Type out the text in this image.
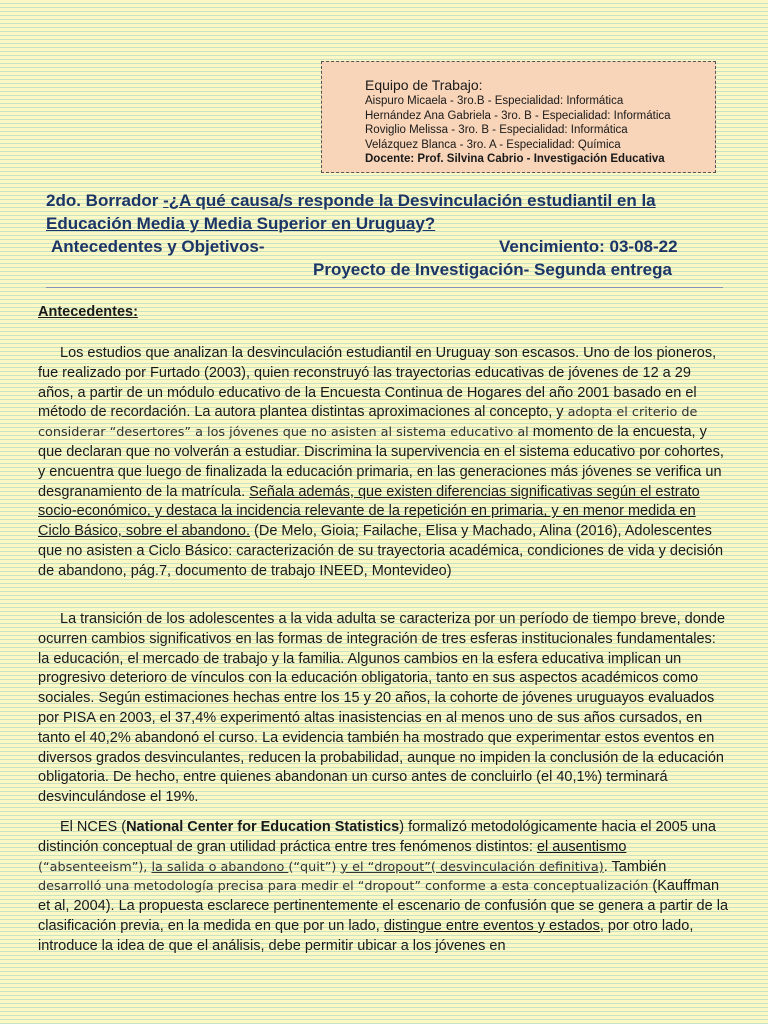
Equipo de Trabajo:
Aispuro Micaela - 3ro.B - Especialidad: Informática
Hernández Ana Gabriela - 3ro. B - Especialidad: Informática
Roviglio Melissa - 3ro. B - Especialidad: Informática
Velázquez Blanca - 3ro. A - Especialidad: Química
Docente: Prof. Silvina Cabrio - Investigación Educativa
2do. Borrador -¿A qué causa/s responde la Desvinculación estudiantil en la
Educación Media y Media Superior en Uruguay?
Antecedentes y Objetivos-	Vencimiento: 03-08-22
Proyecto de Investigación- Segunda entrega
Antecedentes:

Los estudios que analizan la desvinculación estudiantil en Uruguay son escasos. Uno de los pioneros, fue realizado por Furtado (2003), quien reconstruyó las trayectorias educativas de jóvenes de 12 a 29 años, a partir de un módulo educativo de la Encuesta Continua de Hogares del año 2001 basado en el método de recordación. La autora plantea distintas aproximaciones al concepto, y adopta el criterio de considerar “desertores” a los jóvenes que no asisten al sistema educativo al momento de la encuesta, y que declaran que no volverán a estudiar. Discrimina la supervivencia en el sistema educativo por cohortes, y encuentra que luego de finalizada la educación primaria, en las generaciones más jóvenes se verifica un desgranamiento de la matrícula. Señala además, que existen diferencias significativas según el estrato socio-económico, y destaca la incidencia relevante de la repetición en primaria, y en menor medida en Ciclo Básico, sobre el abandono. (De Melo, Gioia; Failache, Elisa y Machado, Alina (2016), Adolescentes que no asisten a Ciclo Básico: caracterización de su trayectoria académica, condiciones de vida y decisión de abandono, pág.7, documento de trabajo INEED, Montevideo)

La transición de los adolescentes a la vida adulta se caracteriza por un período de tiempo breve, donde ocurren cambios significativos en las formas de integración de tres esferas institucionales fundamentales: la educación, el mercado de trabajo y la familia. Algunos cambios en la esfera educativa implican un progresivo deterioro de vínculos con la educación obligatoria, tanto en sus aspectos académicos como sociales. Según estimaciones hechas entre los 15 y 20 años, la cohorte de jóvenes uruguayos evaluados por PISA en 2003, el 37,4% experimentó altas inasistencias en al menos uno de sus años cursados, en tanto el 40,2% abandonó el curso. La evidencia también ha mostrado que experimentar estos eventos en diversos grados desvinculantes, reducen la probabilidad, aunque no impiden la conclusión de la educación obligatoria. De hecho, entre quienes abandonan un curso antes de concluirlo (el 40,1%) terminará desvinculándose el 19%.

El NCES (National Center for Education Statistics) formalizó metodológicamente hacia el 2005 una distinción conceptual de gran utilidad práctica entre tres fenómenos distintos: el ausentismo (“absenteeism”), la salida o abandono (“quit”) y el “dropout”( desvinculación definitiva). También desarrolló una metodología precisa para medir el “dropout” conforme a esta conceptualización (Kauffman et al, 2004). La propuesta esclarece pertinentemente el escenario de confusión que se genera a partir de la clasificación previa, en la medida en que por un lado, distingue entre eventos y estados, por otro lado, introduce la idea de que el análisis, debe permitir ubicar a los jóvenes en
